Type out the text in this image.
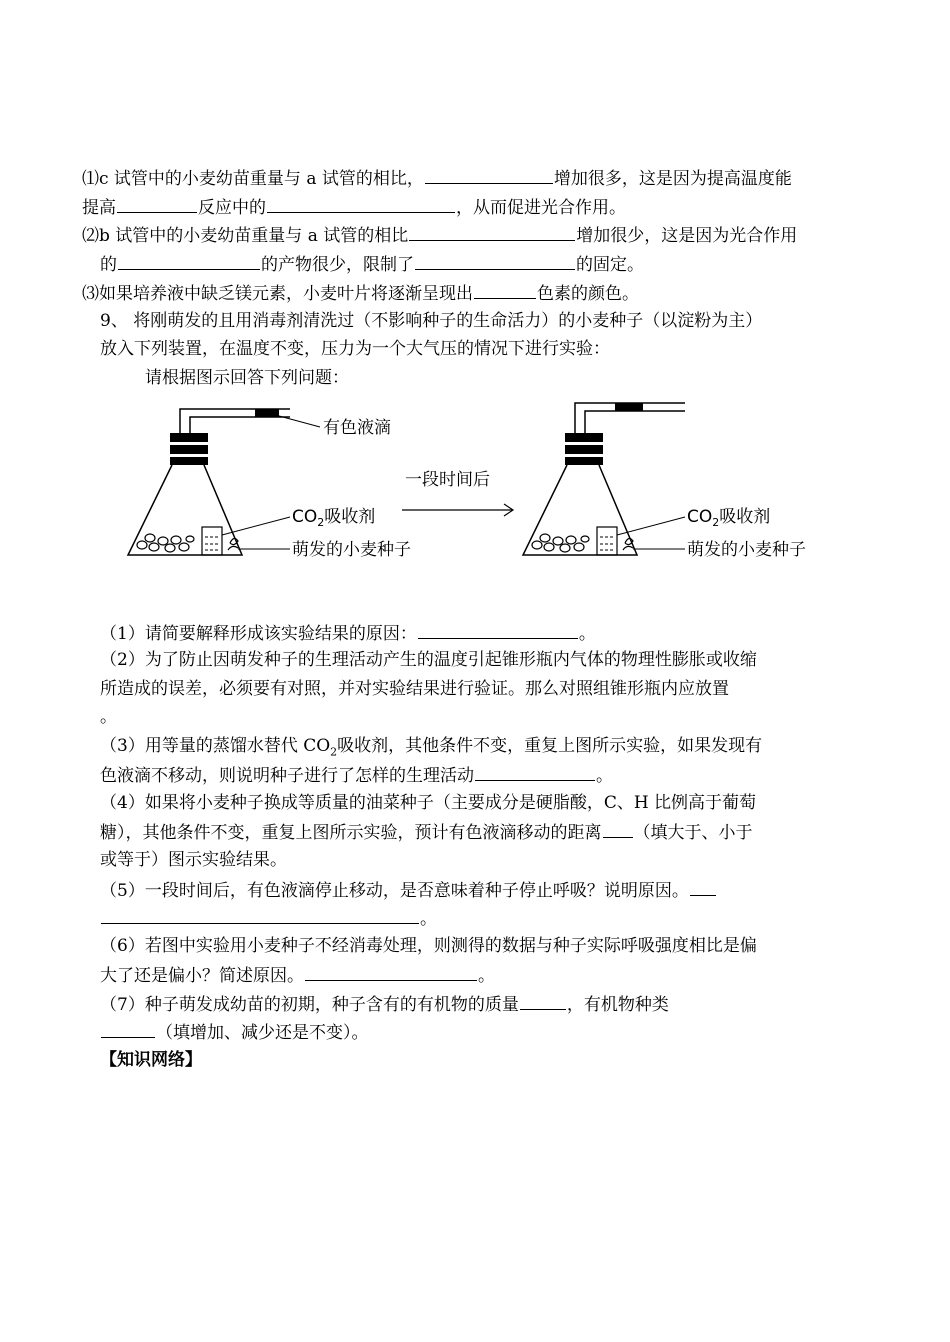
⑴c 试管中的小麦幼苗重量与 a 试管的相比，	增加很多，这是因为提高温度能
提高	反应中的	，从而促进光合作用。
⑵b 试管中的小麦幼苗重量与 a 试管的相比	增加很少，这是因为光合作用
的	的产物很少，限制了	的固定。
⑶如果培养液中缺乏镁元素，小麦叶片将逐渐呈现出	色素的颜色。
9、 将刚萌发的且用消毒剂清洗过（不影响种子的生命活力）的小麦种子（以淀粉为主）
放入下列装置，在温度不变，压力为一个大气压的情况下进行实验：
请根据图示回答下列问题：
有色液滴
$CO_2$吸收剂
萌发的小麦种子
一段时间后
$CO_2$吸收剂
萌发的小麦种子
（1）请简要解释形成该实验结果的原因：	。
（2）为了防止因萌发种子的生理活动产生的温度引起锥形瓶内气体的物理性膨胀或收缩
所造成的误差，必须要有对照，并对实验结果进行验证。那么对照组锥形瓶内应放置
。
（3）用等量的蒸馏水替代 $CO_2$吸收剂，其他条件不变，重复上图所示实验，如果发现有
色液滴不移动，则说明种子进行了怎样的生理活动	。
（4）如果将小麦种子换成等质量的油菜种子（主要成分是硬脂酸，C、H 比例高于葡萄
糖），其他条件不变，重复上图所示实验，预计有色液滴移动的距离 （填大于、小于
或等于）图示实验结果。
（5）一段时间后，有色液滴停止移动，是否意味着种子停止呼吸？说明原因。
。
（6）若图中实验用小麦种子不经消毒处理，则测得的数据与种子实际呼吸强度相比是偏
大了还是偏小？简述原因。	。
（7）种子萌发成幼苗的初期，种子含有的有机物的质量	，有机物种类
（填增加、减少还是不变）。
【知识网络】
